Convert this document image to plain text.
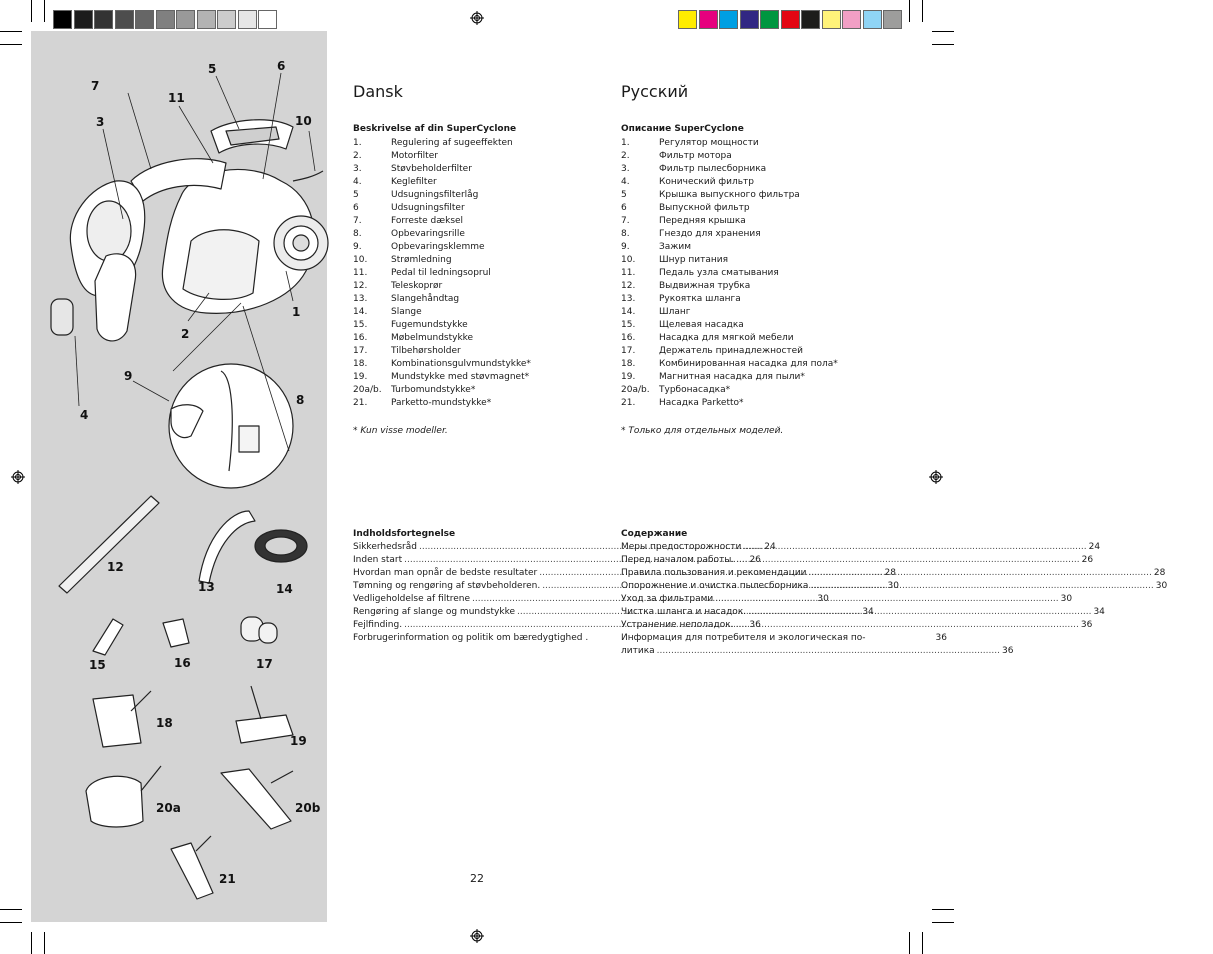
7
5	6
11
3	10
1
2
9
8
4
12
13	14
15	16	17
18
19
20a	20b
21
Dansk
Beskrivelse af din SuperCyclone
1.	Regulering af sugeeffekten
2.	Motorfilter
3.	Støvbeholderfilter
4.	Keglefilter
5	Udsugningsfilterlåg
6	Udsugningsfilter
7.	Forreste dæksel
8.	Opbevaringsrille
9.	Opbevaringsklemme
10.	Strømledning
11.	Pedal til ledningsoprul
12.	Teleskoprør
13.	Slangehåndtag
14.	Slange
15.	Fugemundstykke
16.	Møbelmundstykke
17.	Tilbehørsholder
18.	Kombinationsgulvmundstykke*
19.	Mundstykke med støvmagnet*
20a/b. Turbomundstykke*
21.	Parketto-mundstykke*
* Kun visse modeller.
Indholdsfortegnelse
Sikkerhedsråd .....	24
Inden start .....	26
Hvordan man opnår de bedste resultater .....	28
Tømning og rengøring af støvbeholderen. .....	30
Vedligeholdelse af filtrene .....	30
Rengøring af slange og mundstykke .....	34
Fejlfinding. .....	36
Forbrugerinformation og politik om bæredygtighed .	36
Русский
Описание SuperCyclone
1.	Регулятор мощности
2.	Фильтр мотора
3.	Фильтр пылесборника
4.	Конический фильтр
5	Крышка выпускного фильтра
6	Выпускной фильтр
7.	Передняя крышка
8.	Гнездо для хранения
9.	Зажим
10.	Шнур питания
11.	Педаль узла сматывания
12.	Выдвижная трубка
13.	Рукоятка шланга
14.	Шланг
15.	Щелевая насадка
16.	Насадка для мягкой мебели
17.	Держатель принадлежностей
18.	Комбинированная насадка для пола*
19.	Магнитная насадка для пыли*
20a/b. Турбонасадка*
21.	Насадка Parketto*
* Только для отдельных моделей.
Содержание
Меры предосторожности .....	24
Перед началом работы. .....	26
Правила пользования и рекомендации .....	28
Опорожнение и очистка пылесборника .....	30
Уход за фильтрами .....	30
Чистка шланга и насадок. .....	34
Устранение неполадок. .....	36
Информация для потребителя и экологическая по-
литика .....	36
22
